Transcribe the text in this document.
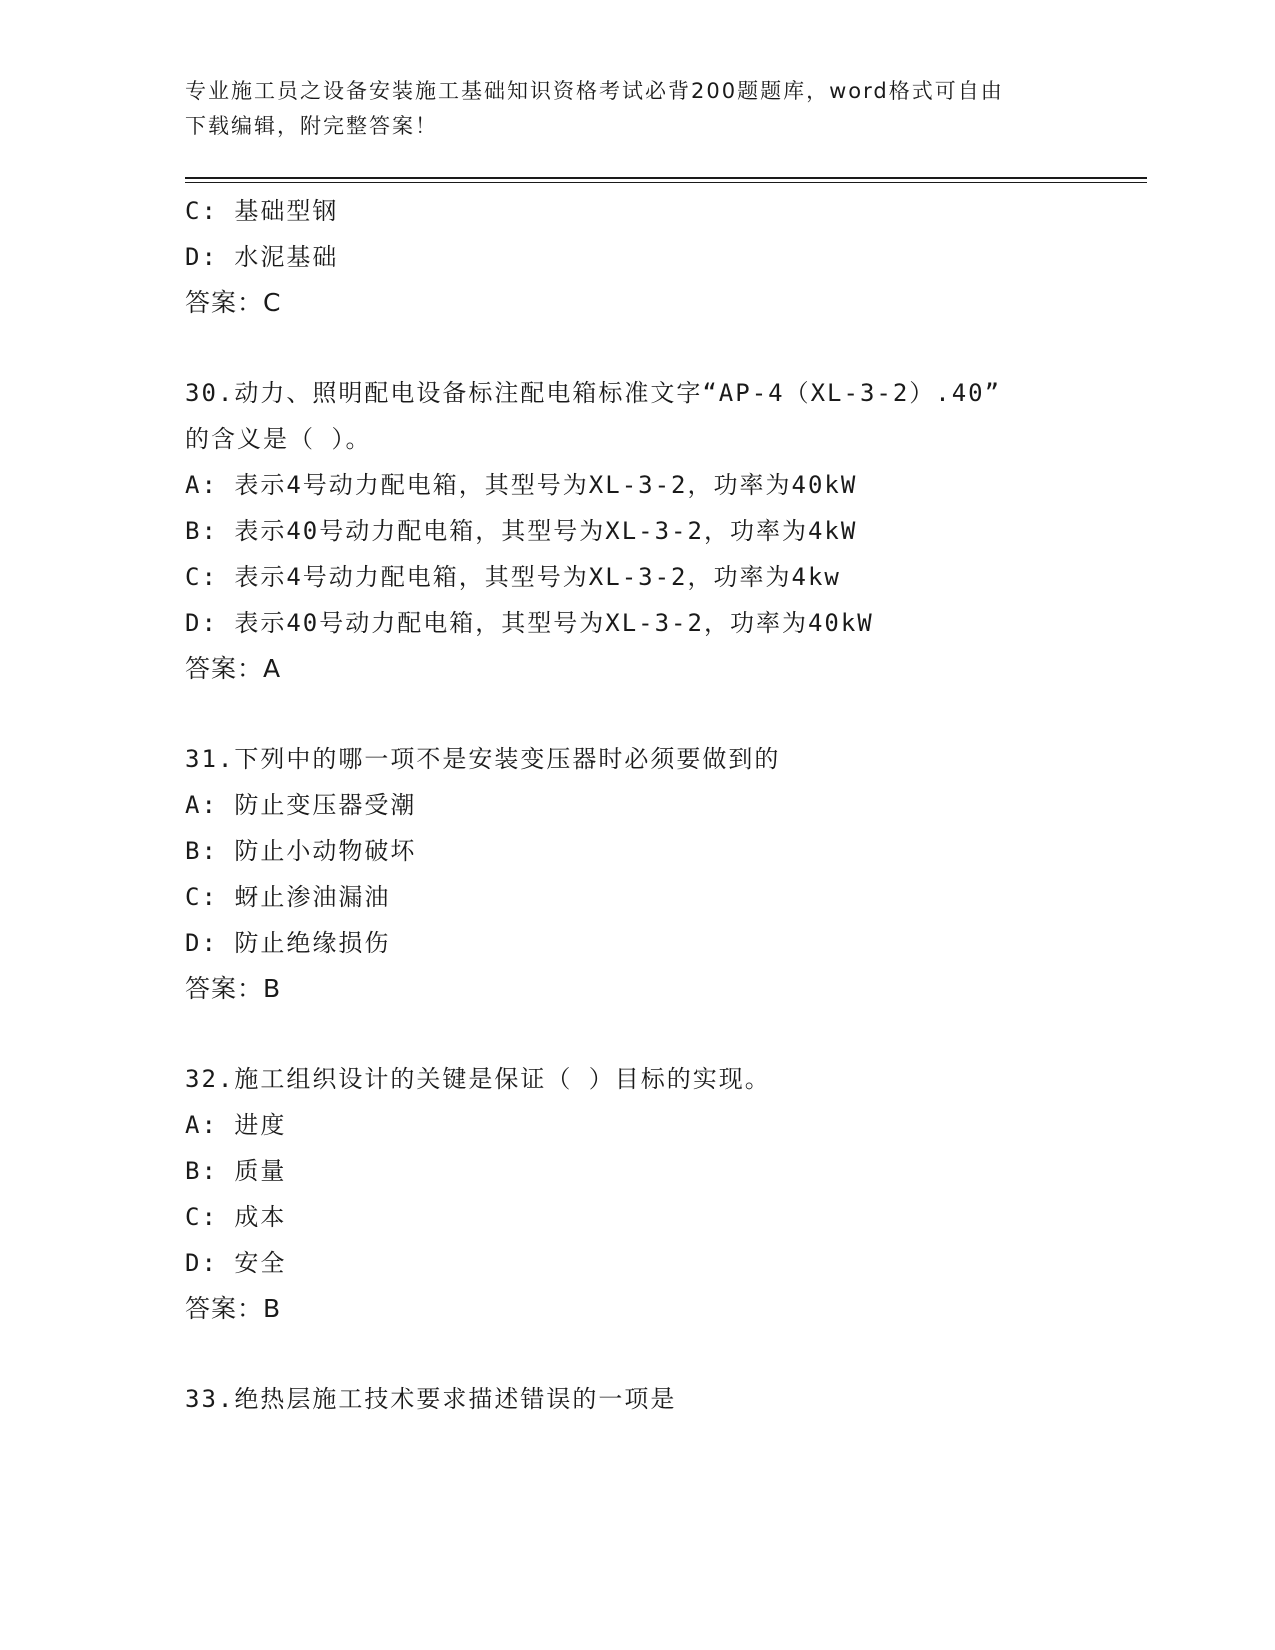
专业施工员之设备安装施工基础知识资格考试必背200题题库，word格式可自由
下载编辑，附完整答案！
C: 基础型钢
D: 水泥基础
答案：C
30.动力、照明配电设备标注配电箱标准文字“AP-4（XL-3-2）.40”
的含义是（ ）。
A: 表示4号动力配电箱，其型号为XL-3-2，功率为40kW
B: 表示40号动力配电箱，其型号为XL-3-2，功率为4kW
C: 表示4号动力配电箱，其型号为XL-3-2，功率为4kw
D: 表示40号动力配电箱，其型号为XL-3-2，功率为40kW
答案：A
31.下列中的哪一项不是安装变压器时必须要做到的
A: 防止变压器受潮
B: 防止小动物破坏
C: 蚜止渗油漏油
D: 防止绝缘损伤
答案：B
32.施工组织设计的关键是保证（ ）目标的实现。
A: 进度
B: 质量
C: 成本
D: 安全
答案：B
33.绝热层施工技术要求描述错误的一项是
